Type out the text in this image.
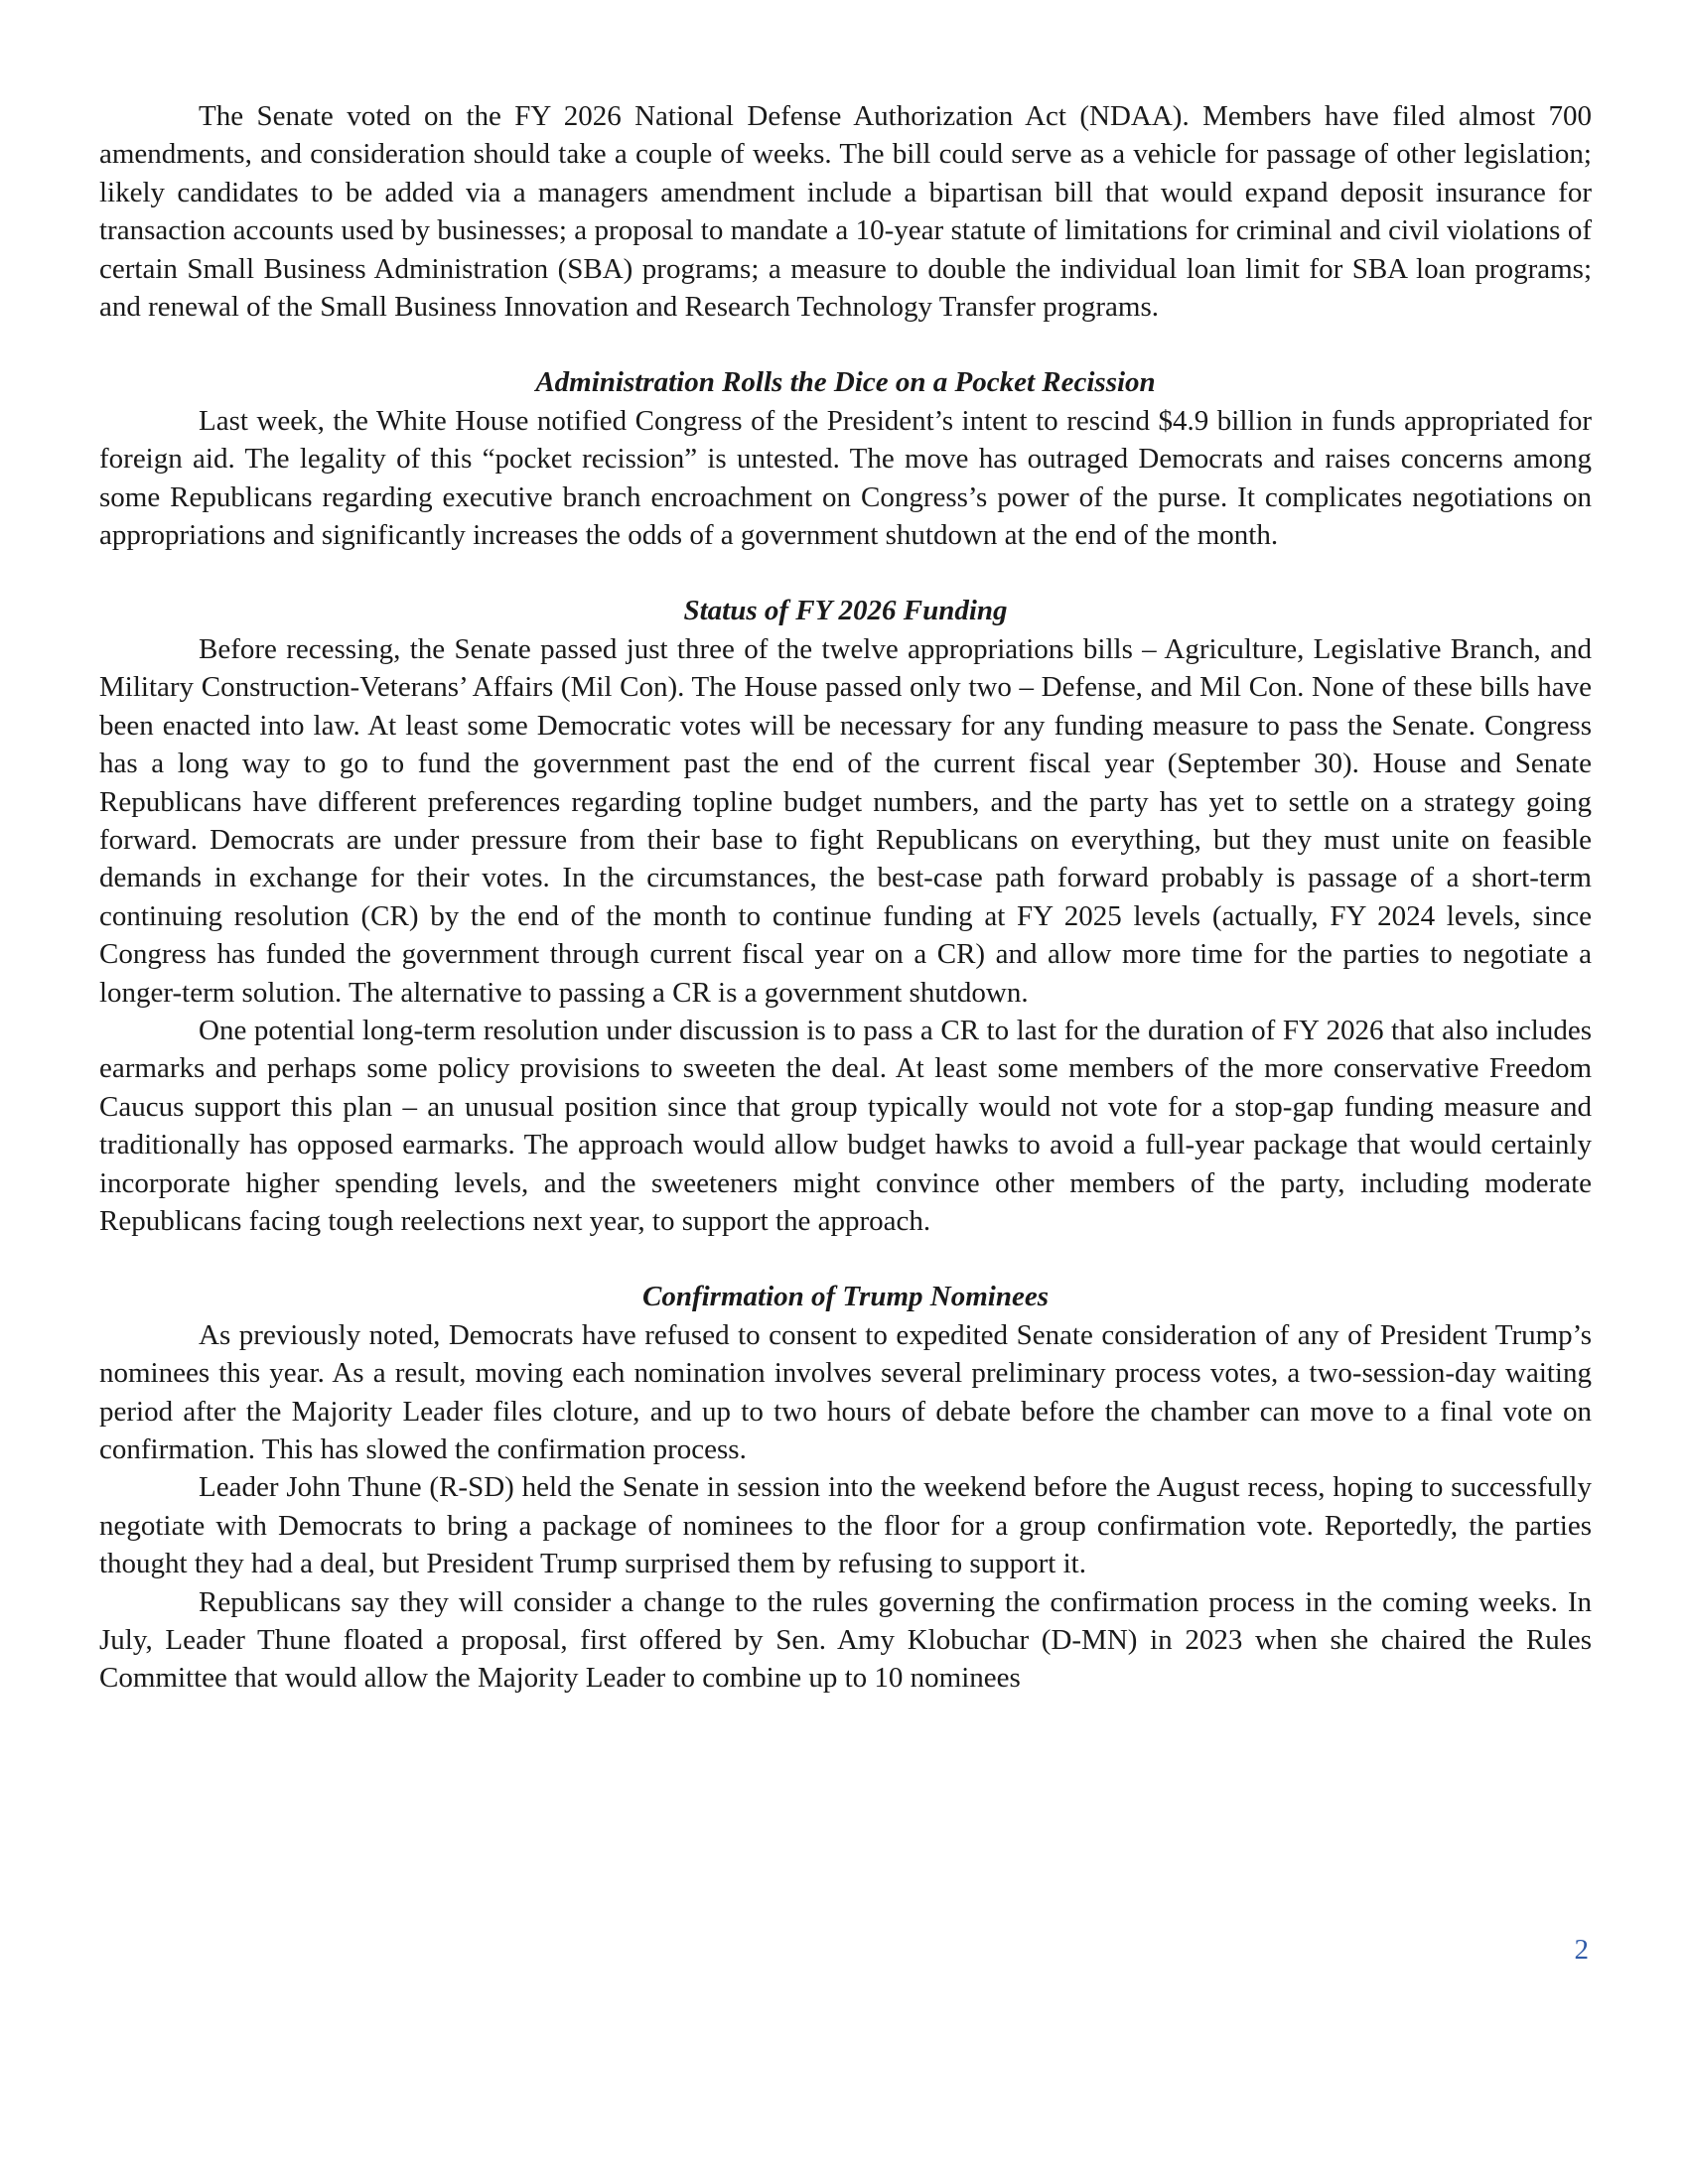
The Senate voted on the FY 2026 National Defense Authorization Act (NDAA). Members have filed almost 700 amendments, and consideration should take a couple of weeks. The bill could serve as a vehicle for passage of other legislation; likely candidates to be added via a managers amendment include a bipartisan bill that would expand deposit insurance for transaction accounts used by businesses; a proposal to mandate a 10-year statute of limitations for criminal and civil violations of certain Small Business Administration (SBA) programs; a measure to double the individual loan limit for SBA loan programs; and renewal of the Small Business Innovation and Research Technology Transfer programs.

Administration Rolls the Dice on a Pocket Recission

Last week, the White House notified Congress of the President’s intent to rescind $4.9 billion in funds appropriated for foreign aid. The legality of this “pocket recission” is untested. The move has outraged Democrats and raises concerns among some Republicans regarding executive branch encroachment on Congress’s power of the purse. It complicates negotiations on appropriations and significantly increases the odds of a government shutdown at the end of the month.

Status of FY 2026 Funding

Before recessing, the Senate passed just three of the twelve appropriations bills – Agriculture, Legislative Branch, and Military Construction-Veterans’ Affairs (Mil Con). The House passed only two – Defense, and Mil Con. None of these bills have been enacted into law. At least some Democratic votes will be necessary for any funding measure to pass the Senate. Congress has a long way to go to fund the government past the end of the current fiscal year (September 30). House and Senate Republicans have different preferences regarding topline budget numbers, and the party has yet to settle on a strategy going forward. Democrats are under pressure from their base to fight Republicans on everything, but they must unite on feasible demands in exchange for their votes. In the circumstances, the best-case path forward probably is passage of a short-term continuing resolution (CR) by the end of the month to continue funding at FY 2025 levels (actually, FY 2024 levels, since Congress has funded the government through current fiscal year on a CR) and allow more time for the parties to negotiate a longer-term solution. The alternative to passing a CR is a government shutdown.

One potential long-term resolution under discussion is to pass a CR to last for the duration of FY 2026 that also includes earmarks and perhaps some policy provisions to sweeten the deal. At least some members of the more conservative Freedom Caucus support this plan – an unusual position since that group typically would not vote for a stop-gap funding measure and traditionally has opposed earmarks. The approach would allow budget hawks to avoid a full-year package that would certainly incorporate higher spending levels, and the sweeteners might convince other members of the party, including moderate Republicans facing tough reelections next year, to support the approach.

Confirmation of Trump Nominees

As previously noted, Democrats have refused to consent to expedited Senate consideration of any of President Trump’s nominees this year. As a result, moving each nomination involves several preliminary process votes, a two-session-day waiting period after the Majority Leader files cloture, and up to two hours of debate before the chamber can move to a final vote on confirmation. This has slowed the confirmation process.

Leader John Thune (R-SD) held the Senate in session into the weekend before the August recess, hoping to successfully negotiate with Democrats to bring a package of nominees to the floor for a group confirmation vote. Reportedly, the parties thought they had a deal, but President Trump surprised them by refusing to support it.

Republicans say they will consider a change to the rules governing the confirmation process in the coming weeks. In July, Leader Thune floated a proposal, first offered by Sen. Amy Klobuchar (D-MN) in 2023 when she chaired the Rules Committee that would allow the Majority Leader to combine up to 10 nominees

2
